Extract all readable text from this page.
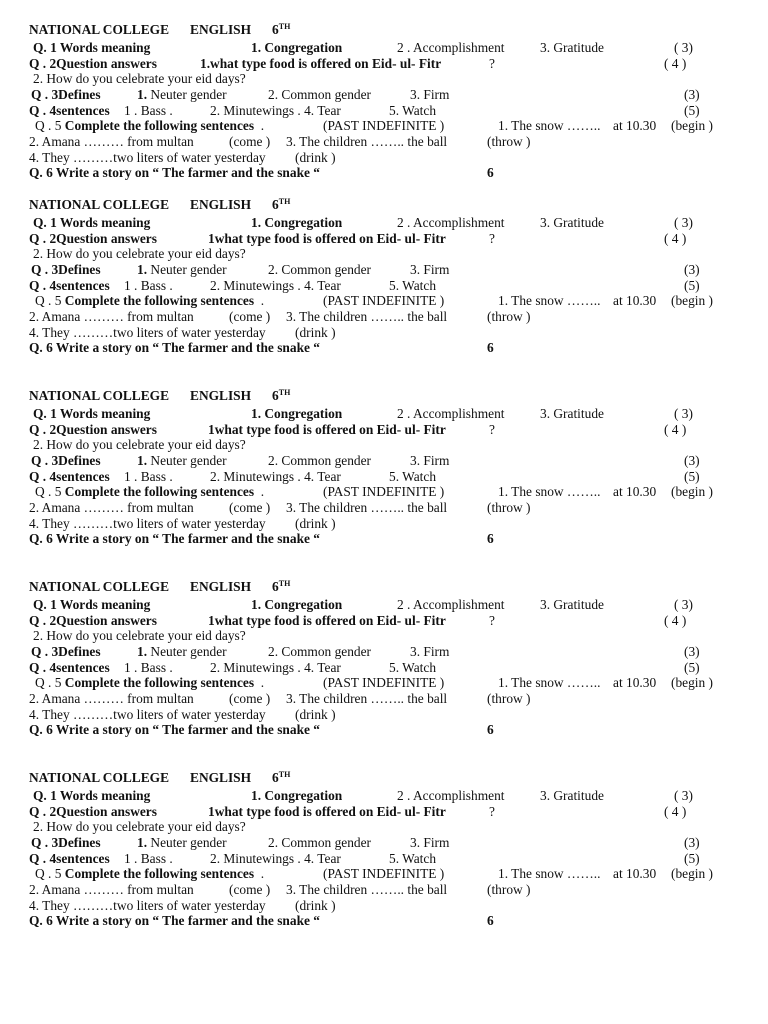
NATIONAL COLLEGE ENGLISH 6TH
Q. 1 Words meaning	1. Congregation	2 . Accomplishment	3. Gratitude	( 3)
Q . 2Question answers	1.what type food is offered on Eid- ul- Fitr	?	( 4 )
2. How do you celebrate your eid days?
Q . 3Defines	1. Neuter gender	2. Common gender	3. Firm	(3)
Q . 4sentences 1 . Bass .	2. Minutewings . 4. Tear	5. Watch	(5)
Q . 5 Complete the following sentences .	(PAST INDEFINITE )	1. The snow …….. at 10.30 (begin )
2. Amana ……… from multan	(come ) 3. The children …….. the ball	(throw )
4. They ………two liters of water yesterday (drink )
Q. 6 Write a story on “ The farmer and the snake “	6
NATIONAL COLLEGE ENGLISH 6TH
Q. 1 Words meaning	1. Congregation	2 . Accomplishment	3. Gratitude	( 3)
Q . 2Question answers	1what type food is offered on Eid- ul- Fitr	?	( 4 )
2. How do you celebrate your eid days?
Q . 3Defines	1. Neuter gender	2. Common gender	3. Firm	(3)
Q . 4sentences 1 . Bass .	2. Minutewings . 4. Tear	5. Watch	(5)
Q . 5 Complete the following sentences .	(PAST INDEFINITE )	1. The snow …….. at 10.30 (begin )
2. Amana ……… from multan	(come ) 3. The children …….. the ball	(throw )
4. They ………two liters of water yesterday (drink )
Q. 6 Write a story on “ The farmer and the snake “	6
NATIONAL COLLEGE ENGLISH 6TH
Q. 1 Words meaning	1. Congregation	2 . Accomplishment	3. Gratitude	( 3)
Q . 2Question answers	1what type food is offered on Eid- ul- Fitr	?	( 4 )
2. How do you celebrate your eid days?
Q . 3Defines	1. Neuter gender	2. Common gender	3. Firm	(3)
Q . 4sentences 1 . Bass .	2. Minutewings . 4. Tear	5. Watch	(5)
Q . 5 Complete the following sentences .	(PAST INDEFINITE )	1. The snow …….. at 10.30 (begin )
2. Amana ……… from multan	(come ) 3. The children …….. the ball	(throw )
4. They ………two liters of water yesterday (drink )
Q. 6 Write a story on “ The farmer and the snake “	6
NATIONAL COLLEGE ENGLISH 6TH
Q. 1 Words meaning	1. Congregation	2 . Accomplishment	3. Gratitude	( 3)
Q . 2Question answers	1what type food is offered on Eid- ul- Fitr	?	( 4 )
2. How do you celebrate your eid days?
Q . 3Defines	1. Neuter gender	2. Common gender	3. Firm	(3)
Q . 4sentences 1 . Bass .	2. Minutewings . 4. Tear	5. Watch	(5)
Q . 5 Complete the following sentences .	(PAST INDEFINITE )	1. The snow …….. at 10.30 (begin )
2. Amana ……… from multan	(come ) 3. The children …….. the ball	(throw )
4. They ………two liters of water yesterday (drink )
Q. 6 Write a story on “ The farmer and the snake “	6
NATIONAL COLLEGE ENGLISH 6TH
Q. 1 Words meaning	1. Congregation	2 . Accomplishment	3. Gratitude	( 3)
Q . 2Question answers	1what type food is offered on Eid- ul- Fitr	?	( 4 )
2. How do you celebrate your eid days?
Q . 3Defines	1. Neuter gender	2. Common gender	3. Firm	(3)
Q . 4sentences 1 . Bass .	2. Minutewings . 4. Tear	5. Watch	(5)
Q . 5 Complete the following sentences .	(PAST INDEFINITE )	1. The snow …….. at 10.30 (begin )
2. Amana ……… from multan	(come ) 3. The children …….. the ball	(throw )
4. They ………two liters of water yesterday (drink )
Q. 6 Write a story on “ The farmer and the snake “	6
